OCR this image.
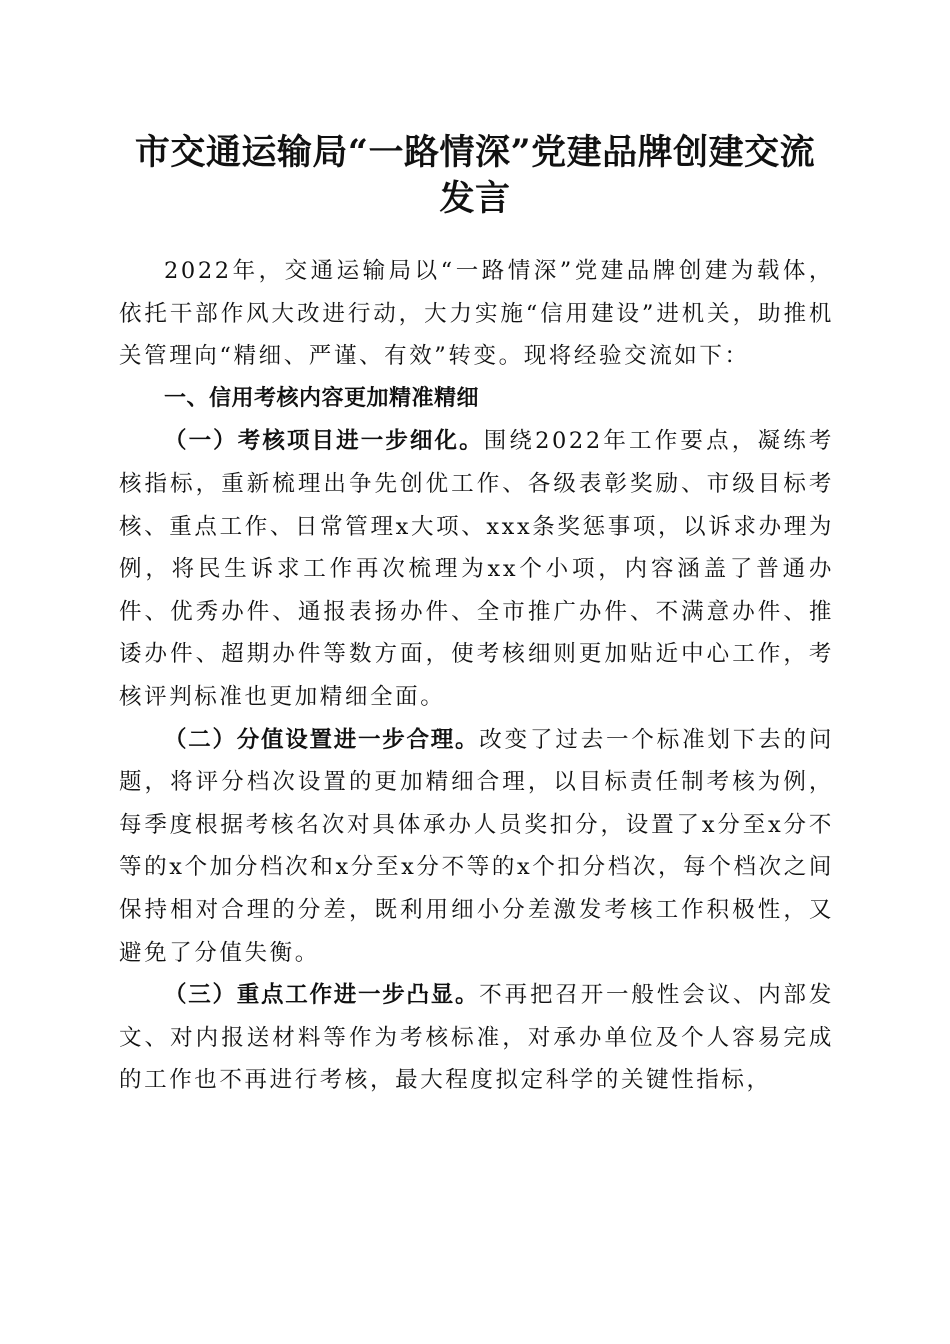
市交通运输局“一路情深”党建品牌创建交流
发言

2022年，交通运输局以“一路情深”党建品牌创建为载体，依托干部作风大改进行动，大力实施“信用建设”进机关，助推机关管理向“精细、严谨、有效”转变。现将经验交流如下：

一、信用考核内容更加精准精细

（一）考核项目进一步细化。围绕2022年工作要点，凝练考核指标，重新梳理出争先创优工作、各级表彰奖励、市级目标考核、重点工作、日常管理x大项、xxx条奖惩事项，以诉求办理为例，将民生诉求工作再次梳理为xx个小项，内容涵盖了普通办件、优秀办件、通报表扬办件、全市推广办件、不满意办件、推诿办件、超期办件等数方面，使考核细则更加贴近中心工作，考核评判标准也更加精细全面。

（二）分值设置进一步合理。改变了过去一个标准划下去的问题，将评分档次设置的更加精细合理，以目标责任制考核为例，每季度根据考核名次对具体承办人员奖扣分，设置了x分至x分不等的x个加分档次和x分至x分不等的x个扣分档次，每个档次之间保持相对合理的分差，既利用细小分差激发考核工作积极性，又避免了分值失衡。

（三）重点工作进一步凸显。不再把召开一般性会议、内部发文、对内报送材料等作为考核标准，对承办单位及个人容易完成的工作也不再进行考核，最大程度拟定科学的关键性指标，
